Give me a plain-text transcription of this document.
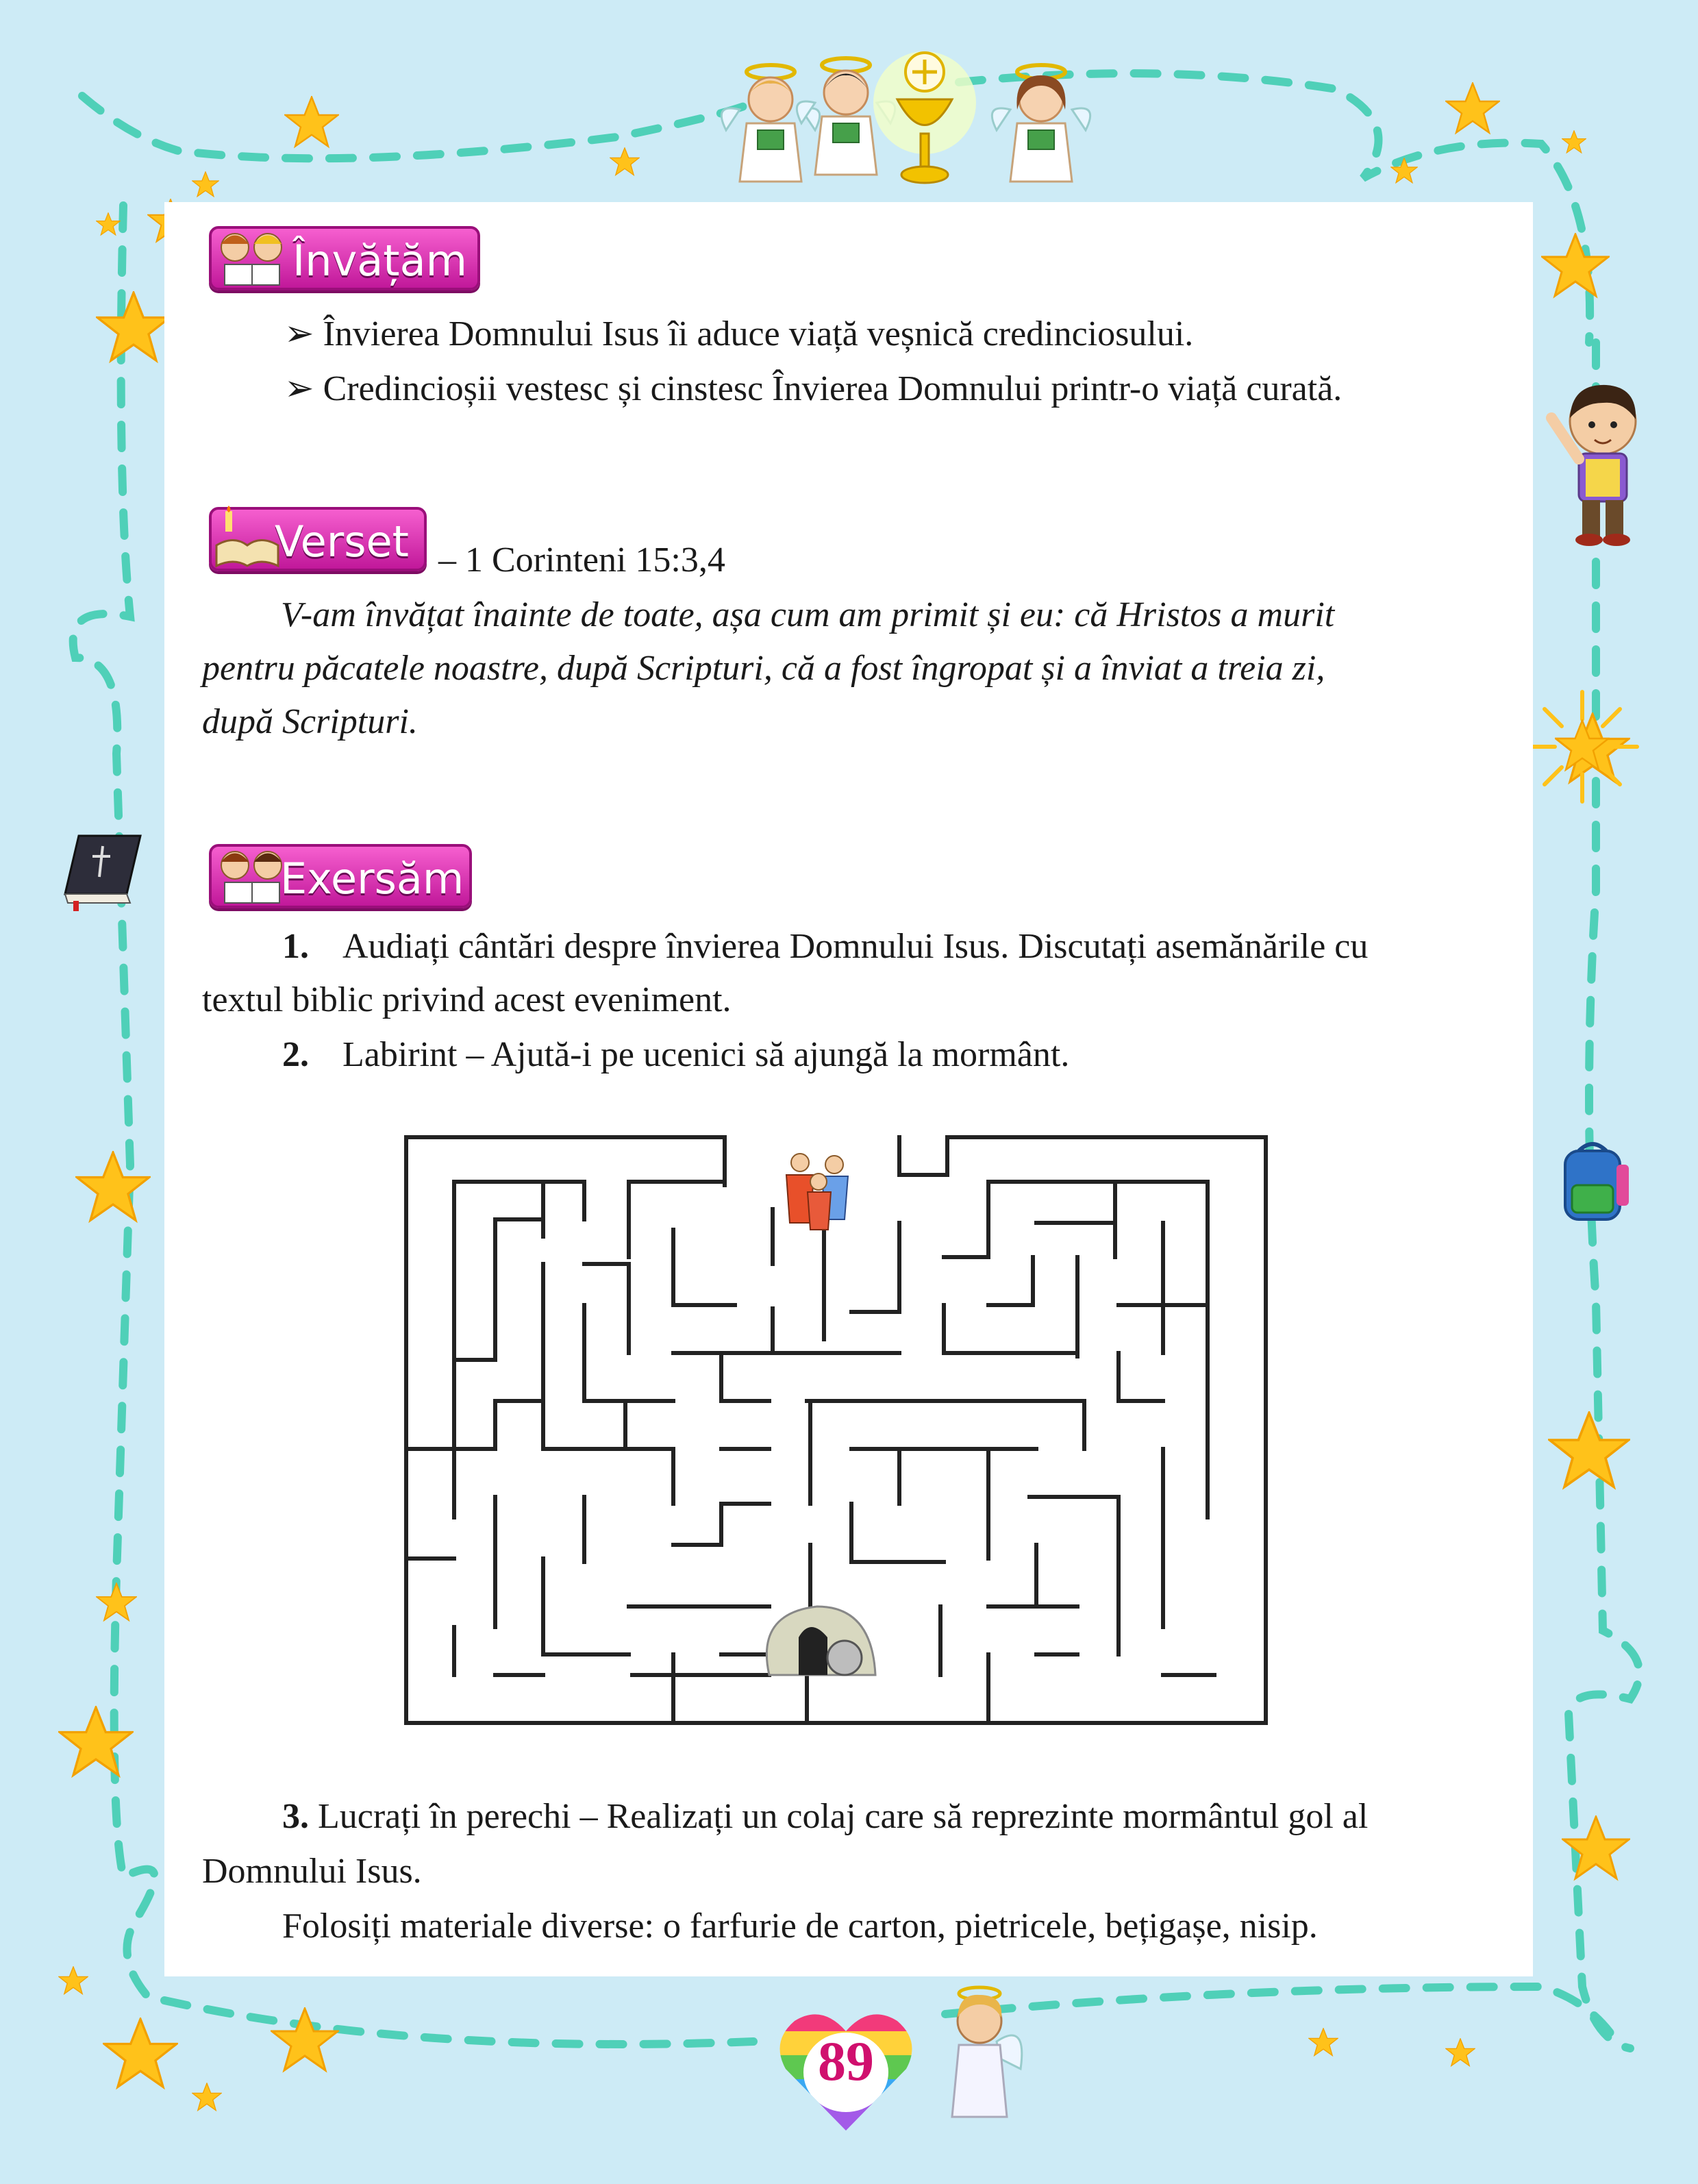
Învățăm
➢ Învierea Domnului Isus îi aduce viață veșnică credinciosului.
➢ Credincioșii vestesc și cinstesc Învierea Domnului printr-o viață curată.
Verset – 1 Corinteni 15:3,4
V-am învățat înainte de toate, așa cum am primit și eu: că Hristos a murit
pentru păcatele noastre, după Scripturi, că a fost îngropat și a înviat a treia zi,
după Scripturi.
Exersăm
1. Audiați cântări despre învierea Domnului Isus. Discutați asemănările cu
textul biblic privind acest eveniment.
2. Labirint – Ajută-i pe ucenici să ajungă la mormânt.
3. Lucrați în perechi – Realizați un colaj care să reprezinte mormântul gol al
Domnului Isus.
Folosiți materiale diverse: o farfurie de carton, pietricele, bețigașe, nisip.
89
